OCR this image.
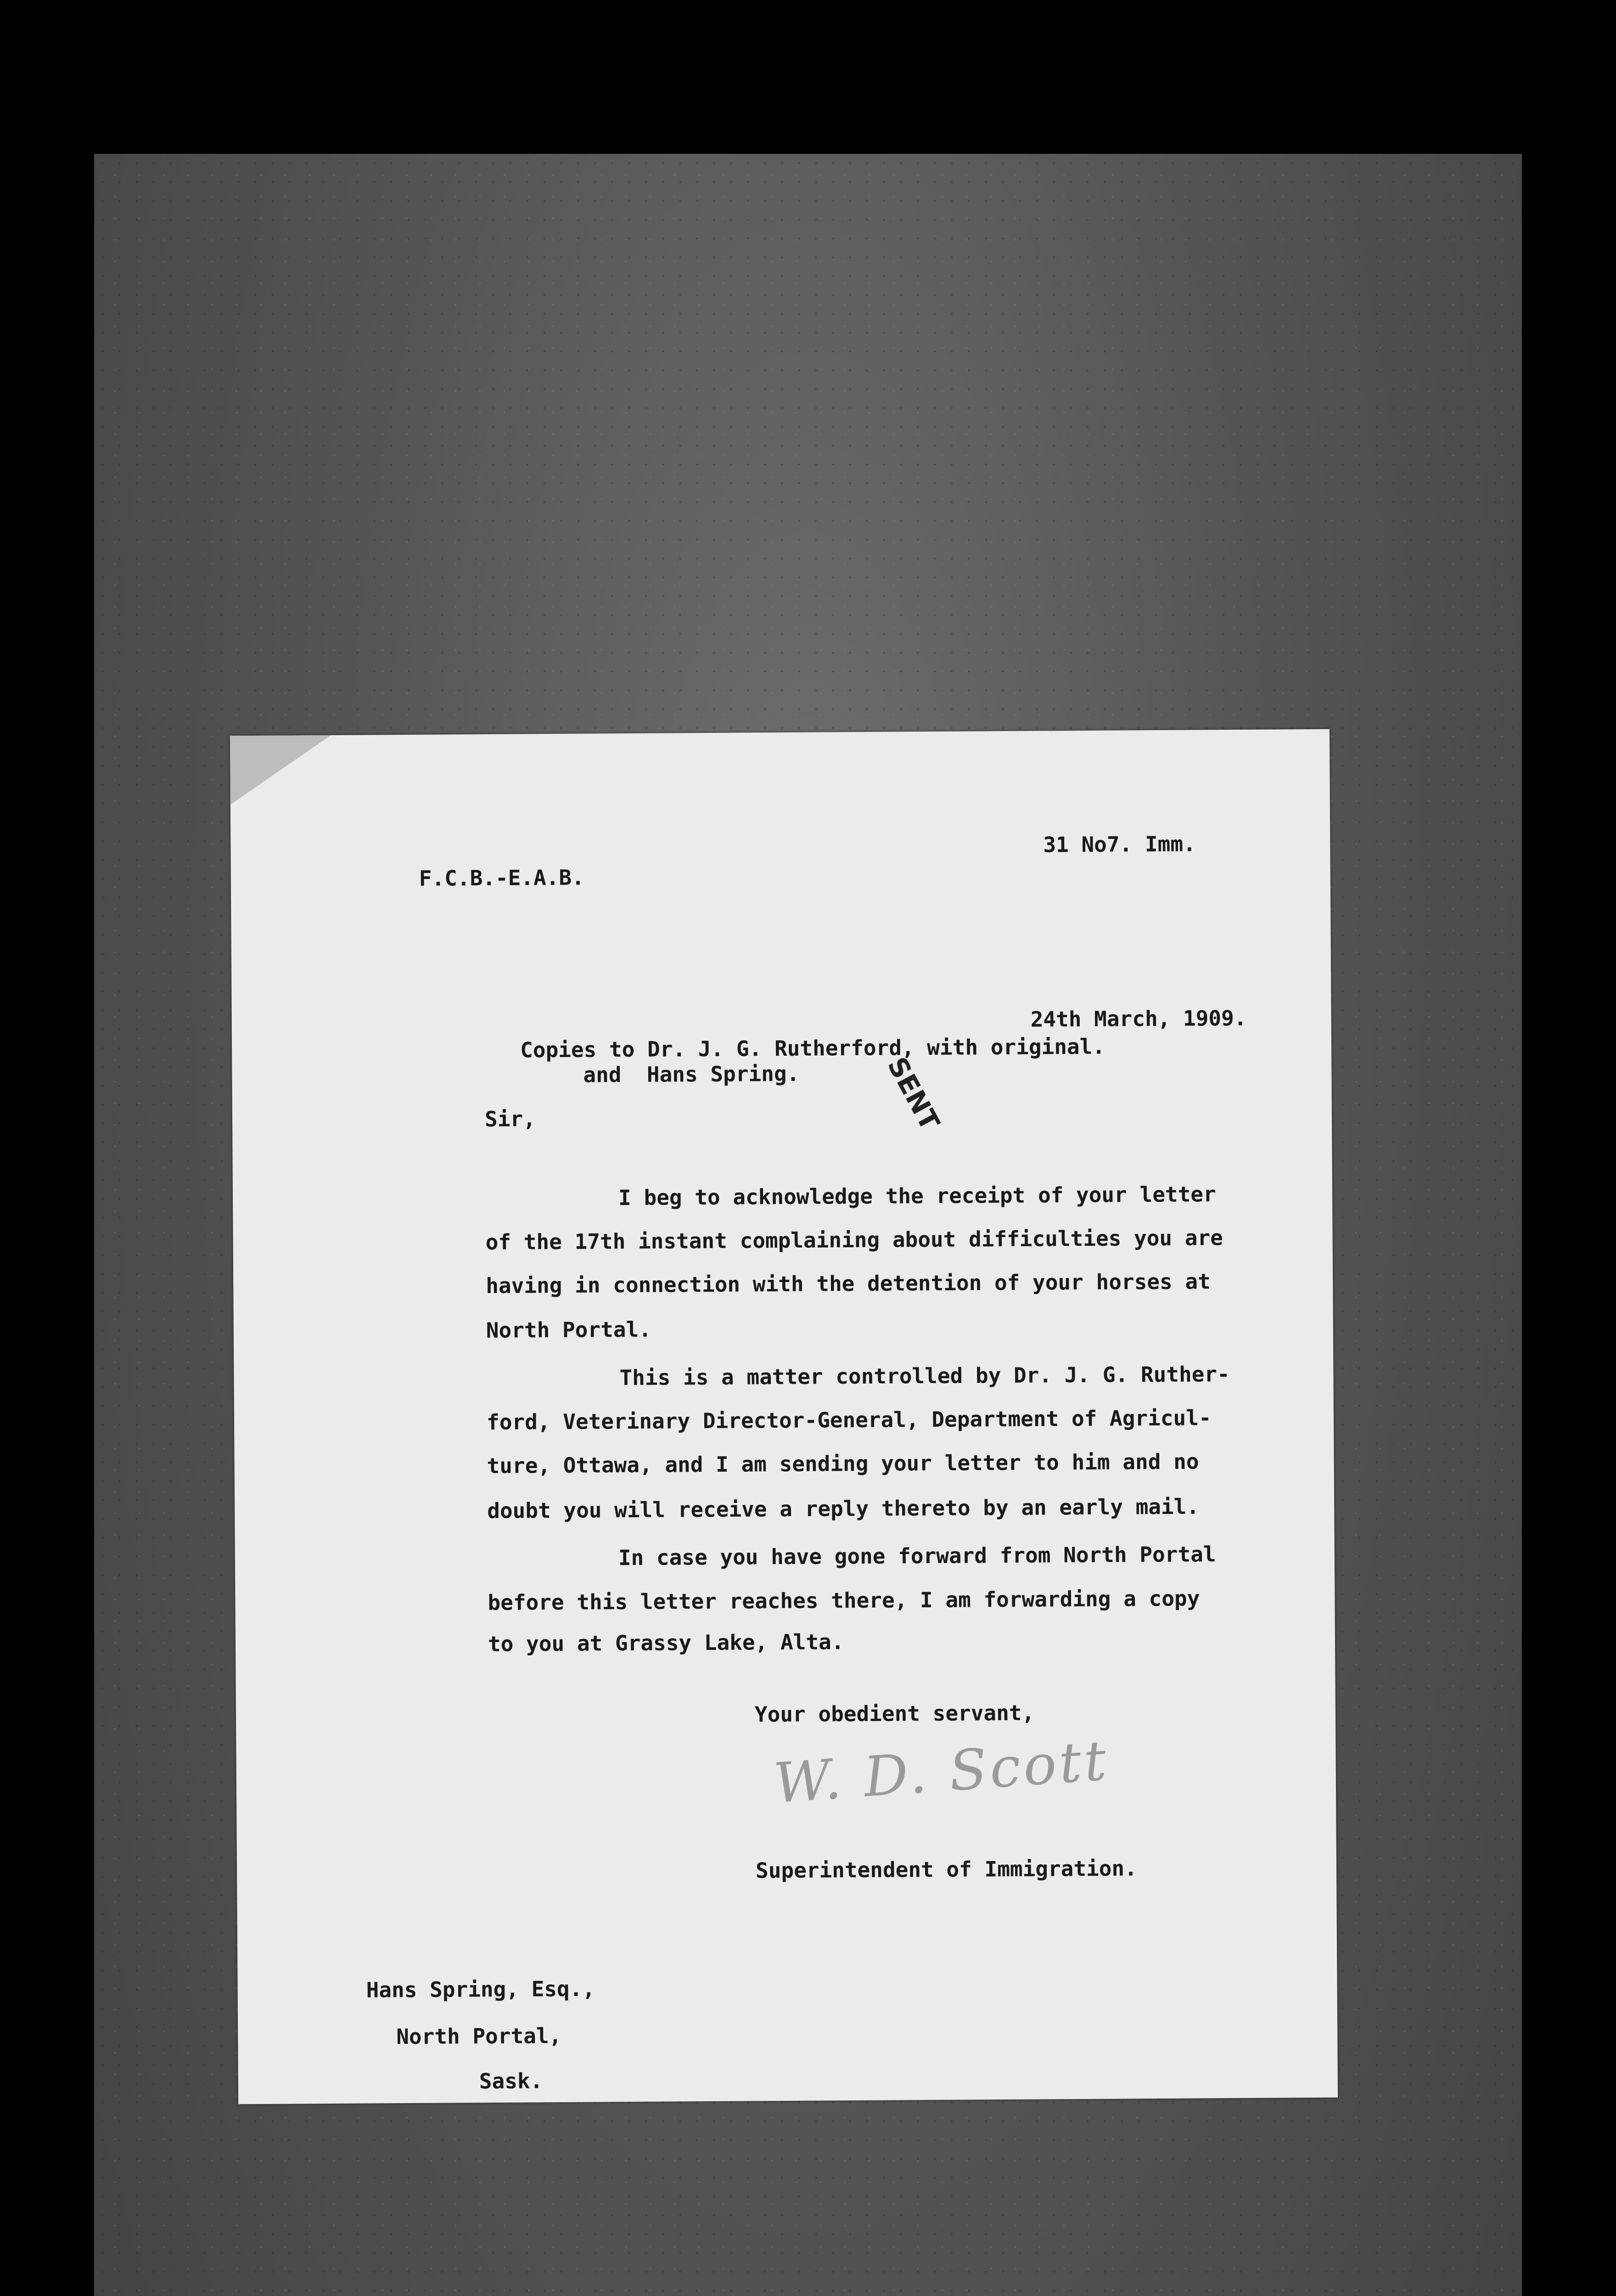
31 No7. Imm.
F.C.B.-E.A.B.
24th March, 1909.
Copies to Dr. J. G. Rutherford, with original.
and  Hans Spring.	SENT
Sir,
I beg to acknowledge the receipt of your letter
of the 17th instant complaining about difficulties you are
having in connection with the detention of your horses at
North Portal.
This is a matter controlled by Dr. J. G. Ruther-
ford, Veterinary Director-General, Department of Agricul-
ture, Ottawa, and I am sending your letter to him and no
doubt you will receive a reply thereto by an early mail.
In case you have gone forward from North Portal
before this letter reaches there, I am forwarding a copy
to you at Grassy Lake, Alta.
Your obedient servant,
Superintendent of Immigration.
Hans Spring, Esq.,
North Portal,
Sask.
W. D. Scott
